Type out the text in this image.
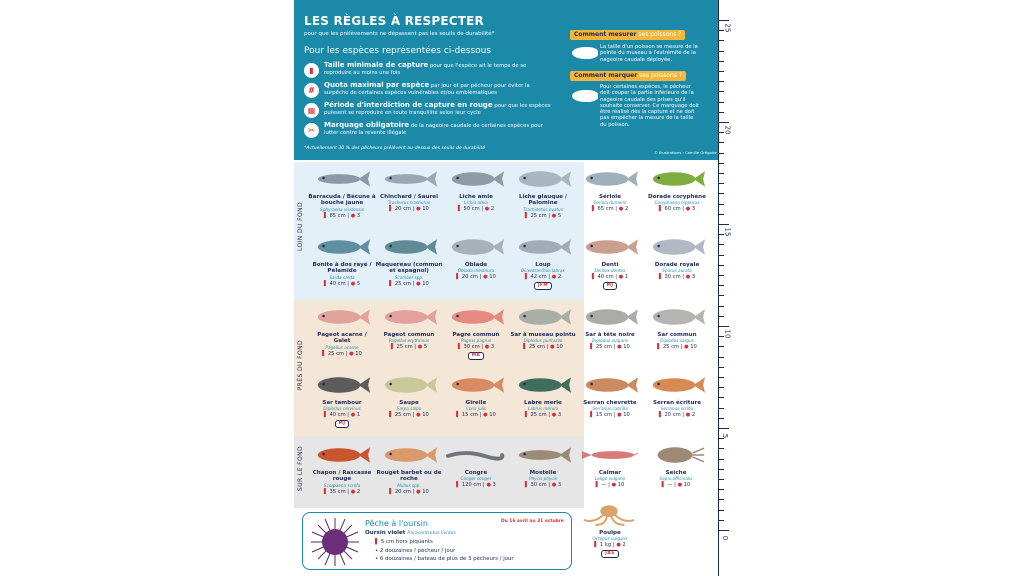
LES RÈGLES À RESPECTER
pour que les prélèvements ne dépassent pas les seuils de durabilité*
Pour les espèces représentées ci-dessous
▮
Taille minimale de capture pour que l'espèce ait le temps de se reproduire au moins une fois
#
Quota maximal par espèce par jour et par pêcheur pour éviter la surpêche de certaines espèces vulnérables et/ou emblématiques
▦
Période d'interdiction de capture en rouge pour que les espèces puissent se reproduire en toute tranquillité selon leur cycle
✂
Marquage obligatoire de la nageoire caudale de certaines espèces pour lutter contre la revente illégale
*Actuellement 30 % des pêcheurs prélèvent au-dessus des seuils de durabilité
Comment mesurer ses poissons ?
La taille d'un poisson se mesure de la pointe du museau à l'extrémité de la nageoire caudale déployée.
Comment marquer ses poissons ?
Pour certaines espèces, le pêcheur doit couper la partie inférieure de la nageoire caudale des prises qu'il souhaite conserver. Ce marquage doit être réalisé dès la capture et ne doit pas empêcher la mesure de la taille du poisson.
© Illustrations : Camille Grégoire
LOIN DU FOND
PRÈS DU FOND
SUR LE FOND
Barracuda / Bécune à bouche jaune
Sphyraena viridensis
▌ 65 cm | ● 3
Chinchard / Saurel
Trachurus trachurus
▌ 20 cm | ● 10
Liche amie
Lichia amia
▌ 50 cm | ● 2
Liche glauque / Palomine
Trachinotus ovatus
▌ 25 cm | ● 5
Sériole
Seriola dumerili
▌ 65 cm | ● 2
Dorade coryphène
Coryphaena hippurus
▌ 60 cm | ● 3
Bonite à dos rayé / Pélamide
Sarda sarda
▌ 40 cm | ● 5
Maquereau (commun et espagnol)
Scomber spp.
▌ 25 cm | ● 10
Oblade
Oblada melanura
▌ 20 cm | ● 10
Loup
Dicentrarchus labrax
▌ 42 cm | ● 2
JFM
Denti
Dentex dentex
▌ 40 cm | ● 1
MJ
Dorade royale
Sparus aurata
▌ 30 cm | ● 3
Pageot acarne / Galet
Pagellus acarne
▌ 25 cm | ● 10
Pageot commun
Pagellus erythrinus
▌ 25 cm | ● 5
Pagre commun
Pagrus pagrus
▌ 30 cm | ● 3
MA
Sar à museau pointu
Diplodus puntazzo
▌ 25 cm | ● 10
Sar à tête noire
Diplodus vulgaris
▌ 25 cm | ● 10
Sar commun
Diplodus sargus
▌ 25 cm | ● 10
Sar tambour
Diplodus cervinus
▌ 40 cm | ● 1
MJ
Saupe
Sarpa salpa
▌ 25 cm | ● 10
Girelle
Coris julis
▌ 15 cm | ● 10
Labre merle
Labrus merula
▌ 25 cm | ● 3
Serran chevrette
Serranus cabrilla
▌ 15 cm | ● 10
Serran écriture
Serranus scriba
▌ 20 cm | ● 2
Chapon / Rascasse rouge
Scorpaena scrofa
▌ 35 cm | ● 2
Rouget barbet ou de roche
Mullus spp.
▌ 20 cm | ● 10
Congre
Conger conger
▌ 120 cm | ● 3
Mostelle
Phycis phycis
▌ 30 cm | ● 3
Calmar
Loligo vulgaris
▌ — | ● 10
Seiche
Sepia officinalis
▌ — | ● 10
Poulpe
Octopus vulgaris
▌ 1 kg | ● 2
JAS
Pêche à l'oursin	Du 16 avril au 31 octobre
Oursin violet Paracentrotus lividus
▌ 5 cm hors piquants
• 2 douzaines / pêcheur / jour
• 6 douzaines / bateau de plus de 3 pêcheurs / jour
25
20
15
10
5
0
